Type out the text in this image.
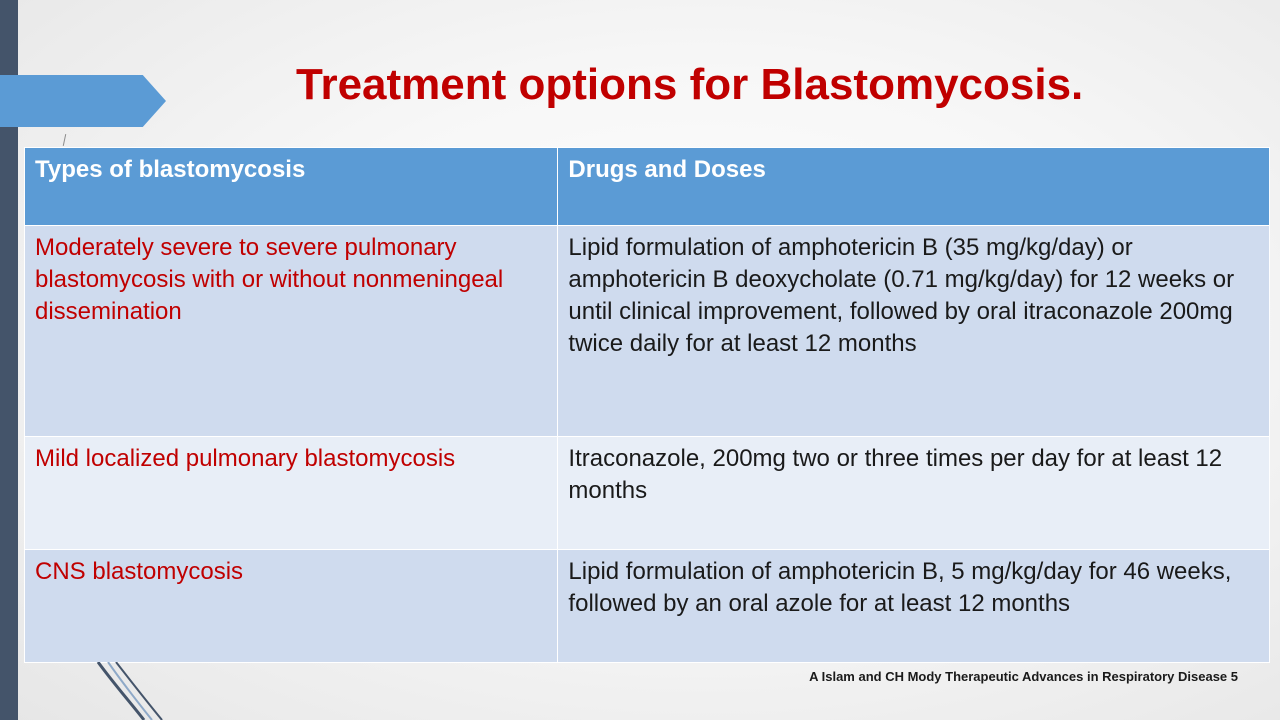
Treatment options for Blastomycosis.
Types of blastomycosis	Drugs and Doses
Moderately severe to severe pulmonary blastomycosis with or without nonmeningeal dissemination	Lipid formulation of amphotericin B (35 mg/kg/day) or amphotericin B deoxycholate (0.71 mg/kg/day) for 12 weeks or until clinical improvement, followed by oral itraconazole 200mg twice daily for at least 12 months
Mild localized pulmonary blastomycosis	Itraconazole, 200mg two or three times per day for at least 12 months
CNS blastomycosis	Lipid formulation of amphotericin B, 5 mg/kg/day for 46 weeks, followed by an oral azole for at least 12 months
A Islam and CH Mody Therapeutic Advances in Respiratory Disease 5
